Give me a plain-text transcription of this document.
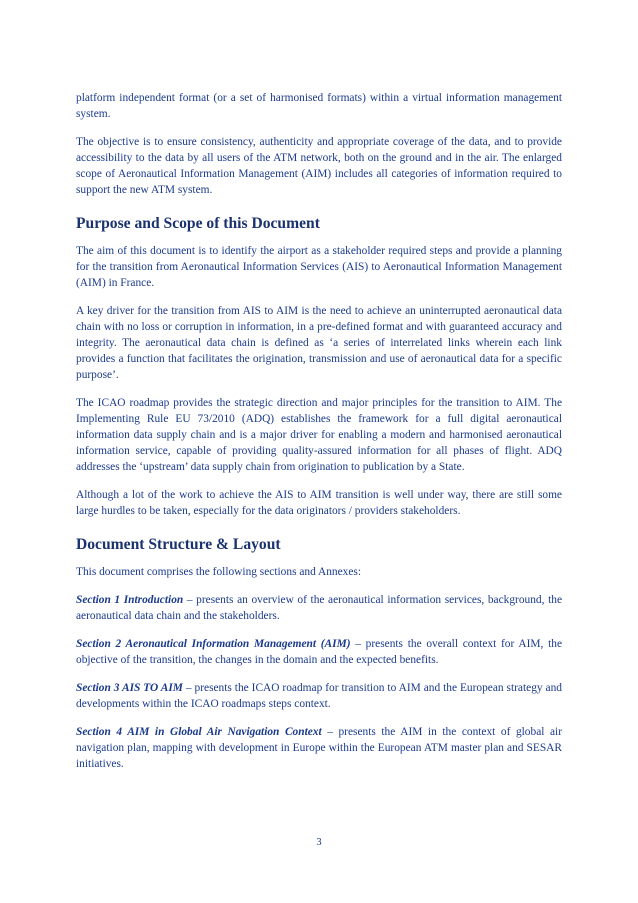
platform independent format (or a set of harmonised formats) within a virtual information management system.

The objective is to ensure consistency, authenticity and appropriate coverage of the data, and to provide accessibility to the data by all users of the ATM network, both on the ground and in the air. The enlarged scope of Aeronautical Information Management (AIM) includes all categories of information required to support the new ATM system.

Purpose and Scope of this Document

The aim of this document is to identify the airport as a stakeholder required steps and provide a planning for the transition from Aeronautical Information Services (AIS) to Aeronautical Information Management (AIM) in France.

A key driver for the transition from AIS to AIM is the need to achieve an uninterrupted aeronautical data chain with no loss or corruption in information, in a pre-defined format and with guaranteed accuracy and integrity. The aeronautical data chain is defined as ‘a series of interrelated links wherein each link provides a function that facilitates the origination, transmission and use of aeronautical data for a specific purpose’.

The ICAO roadmap provides the strategic direction and major principles for the transition to AIM. The Implementing Rule EU 73/2010 (ADQ) establishes the framework for a full digital aeronautical information data supply chain and is a major driver for enabling a modern and harmonised aeronautical information service, capable of providing quality-assured information for all phases of flight. ADQ addresses the ‘upstream’ data supply chain from origination to publication by a State.

Although a lot of the work to achieve the AIS to AIM transition is well under way, there are still some large hurdles to be taken, especially for the data originators / providers stakeholders.

Document Structure & Layout

This document comprises the following sections and Annexes:

Section 1 Introduction – presents an overview of the aeronautical information services, background, the aeronautical data chain and the stakeholders.

Section 2 Aeronautical Information Management (AIM) – presents the overall context for AIM, the objective of the transition, the changes in the domain and the expected benefits.

Section 3 AIS TO AIM – presents the ICAO roadmap for transition to AIM and the European strategy and developments within the ICAO roadmaps steps context.

Section 4 AIM in Global Air Navigation Context – presents the AIM in the context of global air navigation plan, mapping with development in Europe within the European ATM master plan and SESAR initiatives.

3
